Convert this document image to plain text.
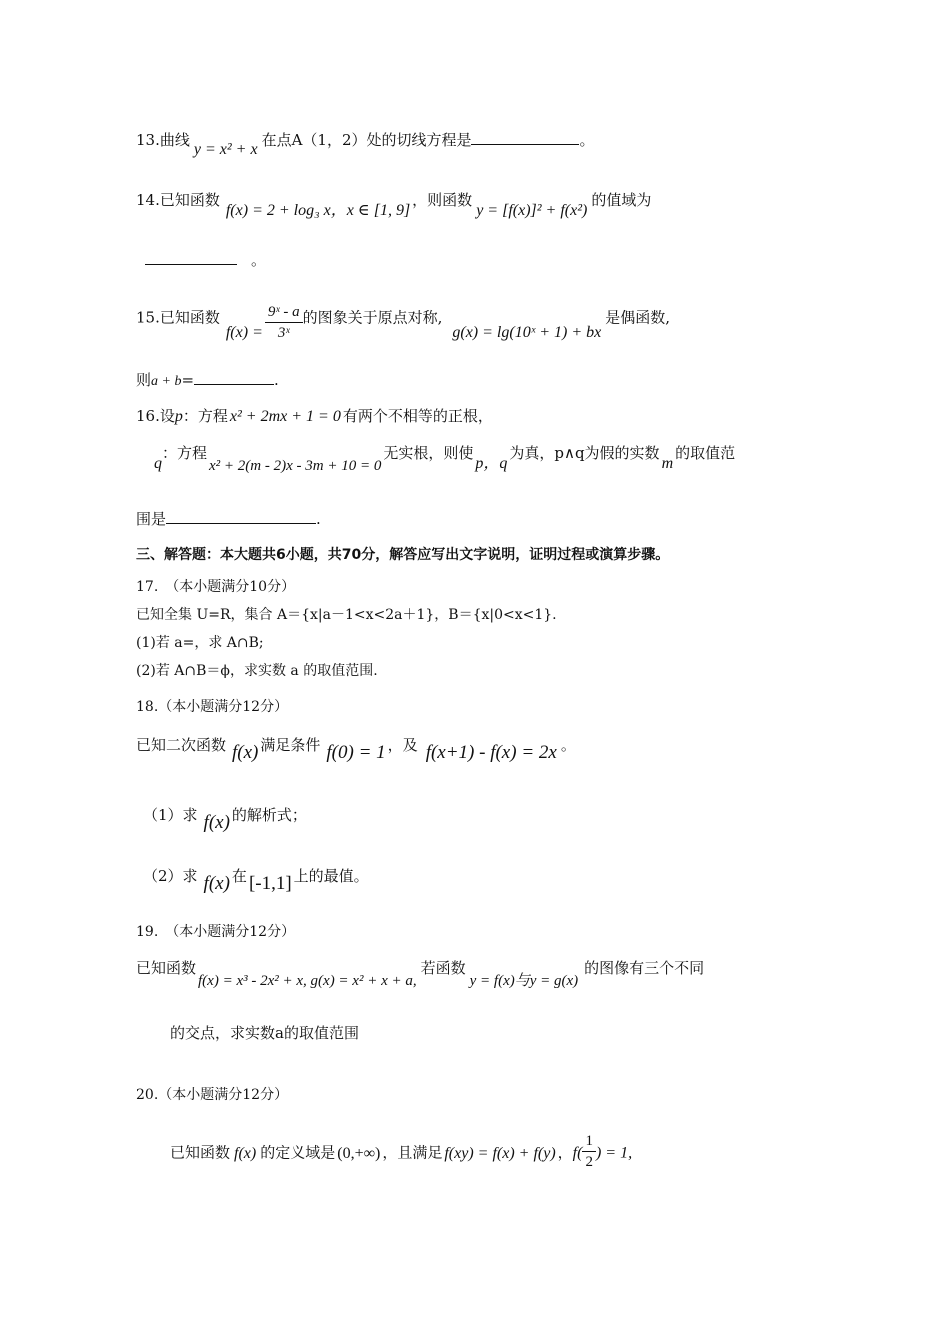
13.曲线y = x² + x在点A（1，2）处的切线方程是	。
14.已知函数f(x) = 2 + log₃ x，x ∈ [1, 9]，则函数y = [f(x)]² + f(x²)的值域为
。
15.已知函数$f(x) = \frac{\text{9ˣ - a}}{\text{3ˣ}}$ 的图象关于原点对称,g(x) = lg(10ˣ + 1) + bx是偶函数,
则a + b=	.
16.设p：方程 x² + 2mx + 1 = 0 有两个不相等的正根，
q：方程x² + 2(m - 2)x - 3m + 10 = 0无实根，则使p，q为真，p∧q为假的实数m的取值范
围是	.
三、解答题：本大题共6小题，共70分，解答应写出文字说明，证明过程或演算步骤。
17.　（本小题满分10分）
已知全集 U=R，集合 A＝{x|a－1<x<2a＋1}，B＝{x|0<x<1}.
(1)若 a=，求 A∩B;
(2)若 A∩B＝ϕ，求实数 a 的取值范围.
18.（本小题满分12分）
已知二次函数 f(x) 满足条件 f(0) = 1 ，及 f(x+1) - f(x) = 2x 。
（1）求 f(x) 的解析式；
（2）求 f(x) 在 [-1,1] 上的最值。
19.　（本小题满分12分）
已知函数f(x) = x³ - 2x² + x, g(x) = x² + x + a,若函数y = f(x)与y = g(x)的图像有三个不同
的交点，求实数a的取值范围
20.（本小题满分12分）
已知函数 f(x) 的定义域是 (0,+∞) ，且满足 f(xy) = f(x) + f(y) ，$f( \frac{1}{2}$ ) = 1,
